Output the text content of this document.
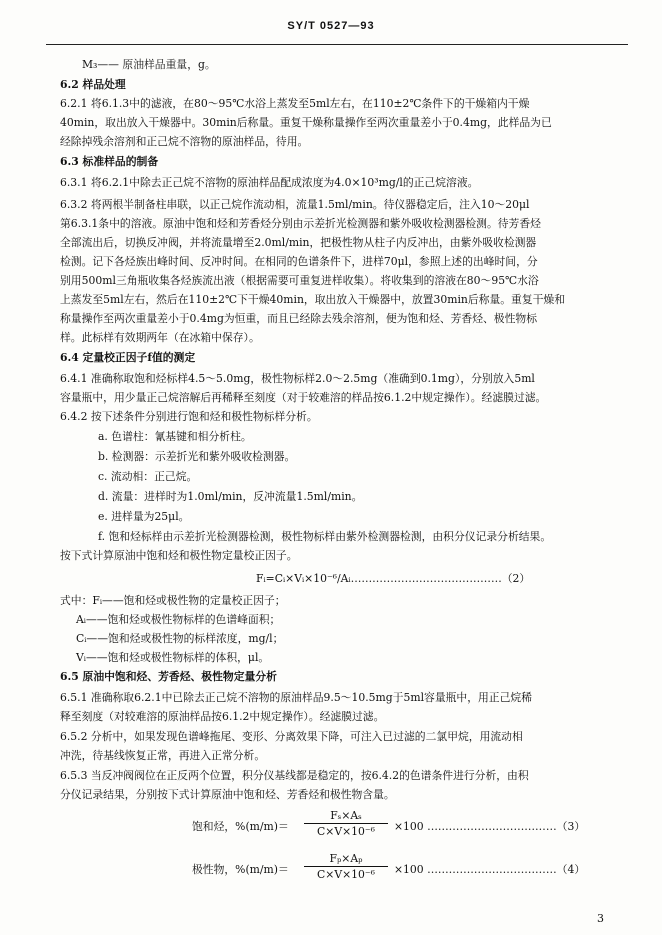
SY/T 0527—93
M₃—— 原油样品重量，g。
6.2 样品处理
6.2.1 将6.1.3中的滤液，在80～95℃水浴上蒸发至5ml左右，在110±2℃条件下的干燥箱内干燥
40min，取出放入干燥器中。30min后称量。重复干燥称量操作至两次重量差小于0.4mg，此样品为已
经除掉残余溶剂和正己烷不溶物的原油样品，待用。
6.3 标准样品的制备
6.3.1 将6.2.1中除去正己烷不溶物的原油样品配成浓度为4.0×10³mg/l的正己烷溶液。
6.3.2 将两根半制备柱串联，以正己烷作流动相，流量1.5ml/min。待仪器稳定后，注入10～20μl
第6.3.1条中的溶液。原油中饱和烃和芳香烃分别由示差折光检测器和紫外吸收检测器检测。待芳香烃
全部流出后，切换反冲阀，并将流量增至2.0ml/min，把极性物从柱子内反冲出，由紫外吸收检测器
检测。记下各烃族出峰时间、反冲时间。在相同的色谱条件下，进样70μl，参照上述的出峰时间，分
别用500ml三角瓶收集各烃族流出液（根据需要可重复进样收集）。将收集到的溶液在80～95℃水浴
上蒸发至5ml左右，然后在110±2℃下干燥40min，取出放入干燥器中，放置30min后称量。重复干燥和
称量操作至两次重量差小于0.4mg为恒重，而且已经除去残余溶剂，便为饱和烃、芳香烃、极性物标
样。此标样有效期两年（在冰箱中保存）。
6.4 定量校正因子f值的测定
6.4.1 准确称取饱和烃标样4.5～5.0mg，极性物标样2.0～2.5mg（准确到0.1mg），分别放入5ml
容量瓶中，用少量正己烷溶解后再稀释至刻度（对于较难溶的样品按6.1.2中规定操作）。经滤膜过滤。
6.4.2 按下述条件分别进行饱和烃和极性物标样分析。
a. 色谱柱：氰基键和相分析柱。
b. 检测器：示差折光和紫外吸收检测器。
c. 流动相：正己烷。
d. 流量：进样时为1.0ml/min，反冲流量1.5ml/min。
e. 进样量为25μl。
f. 饱和烃标样由示差折光检测器检测，极性物标样由紫外检测器检测，由积分仪记录分析结果。
按下式计算原油中饱和烃和极性物定量校正因子。
Fᵢ=Cᵢ×Vᵢ×10⁻⁶/Aᵢ……………………………………（2）
式中：Fᵢ——饱和烃或极性物的定量校正因子；
Aᵢ——饱和烃或极性物标样的色谱峰面积；
Cᵢ——饱和烃或极性物的标样浓度，mg/l；
Vᵢ——饱和烃或极性物标样的体积，μl。
6.5 原油中饱和烃、芳香烃、极性物定量分析
6.5.1 准确称取6.2.1中已除去正己烷不溶物的原油样品9.5～10.5mg于5ml容量瓶中，用正己烷稀
释至刻度（对较难溶的原油样品按6.1.2中规定操作）。经滤膜过滤。
6.5.2 分析中，如果发现色谱峰拖尾、变形、分离效果下降，可注入已过滤的二氯甲烷，用流动相
冲洗，待基线恢复正常，再进入正常分析。
6.5.3 当反冲阀阀位在正反两个位置，积分仪基线都是稳定的，按6.4.2的色谱条件进行分析，由积
分仪记录结果，分别按下式计算原油中饱和烃、芳香烃和极性物含量。
饱和烃，%(m/m)＝
Fₛ×Aₛ
C×V×10⁻⁶	×100 ………………………………（3）
极性物，%(m/m)＝
Fₚ×Aₚ
C×V×10⁻⁶	×100 ………………………………（4）
3
